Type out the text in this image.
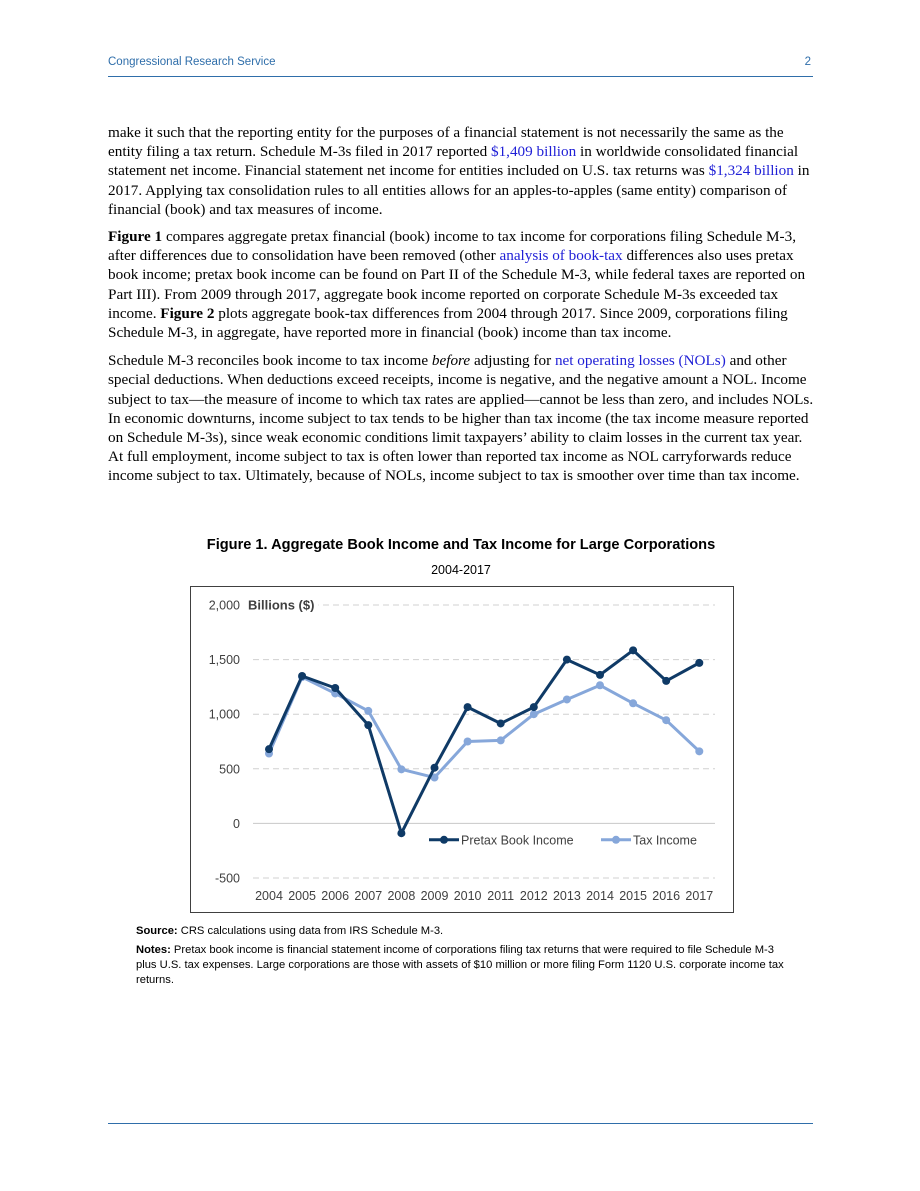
Congressional Research Service	2

make it such that the reporting entity for the purposes of a financial statement is not necessarily the same as the entity filing a tax return. Schedule M-3s filed in 2017 reported $1,409 billion in worldwide consolidated financial statement net income. Financial statement net income for entities included on U.S. tax returns was $1,324 billion in 2017. Applying tax consolidation rules to all entities allows for an apples-to-apples (same entity) comparison of financial (book) and tax measures of income.

Figure 1 compares aggregate pretax financial (book) income to tax income for corporations filing Schedule M-3, after differences due to consolidation have been removed (other analysis of book-tax differences also uses pretax book income; pretax book income can be found on Part II of the Schedule M-3, while federal taxes are reported on Part III). From 2009 through 2017, aggregate book income reported on corporate Schedule M-3s exceeded tax income. Figure 2 plots aggregate book-tax differences from 2004 through 2017. Since 2009, corporations filing Schedule M-3, in aggregate, have reported more in financial (book) income than tax income.

Schedule M-3 reconciles book income to tax income before adjusting for net operating losses (NOLs) and other special deductions. When deductions exceed receipts, income is negative, and the negative amount a NOL. Income subject to tax—the measure of income to which tax rates are applied—cannot be less than zero, and includes NOLs. In economic downturns, income subject to tax tends to be higher than tax income (the tax income measure reported on Schedule M-3s), since weak economic conditions limit taxpayers’ ability to claim losses in the current tax year. At full employment, income subject to tax is often lower than reported tax income as NOL carryforwards reduce income subject to tax. Ultimately, because of NOLs, income subject to tax is smoother over time than tax income.

Figure 1. Aggregate Book Income and Tax Income for Large Corporations
2004-2017
-500
0
500
1,000
1,500
2,000 Billions ($)
2004 2005 2006 2007 2008 2009 2010 2011 2012 2013 2014 2015 2016 2017
Pretax Book Income	Tax Income
Source: CRS calculations using data from IRS Schedule M-3.
Notes: Pretax book income is financial statement income of corporations filing tax returns that were required to file Schedule M-3 plus U.S. tax expenses. Large corporations are those with assets of $10 million or more filing Form 1120 U.S. corporate income tax returns.
